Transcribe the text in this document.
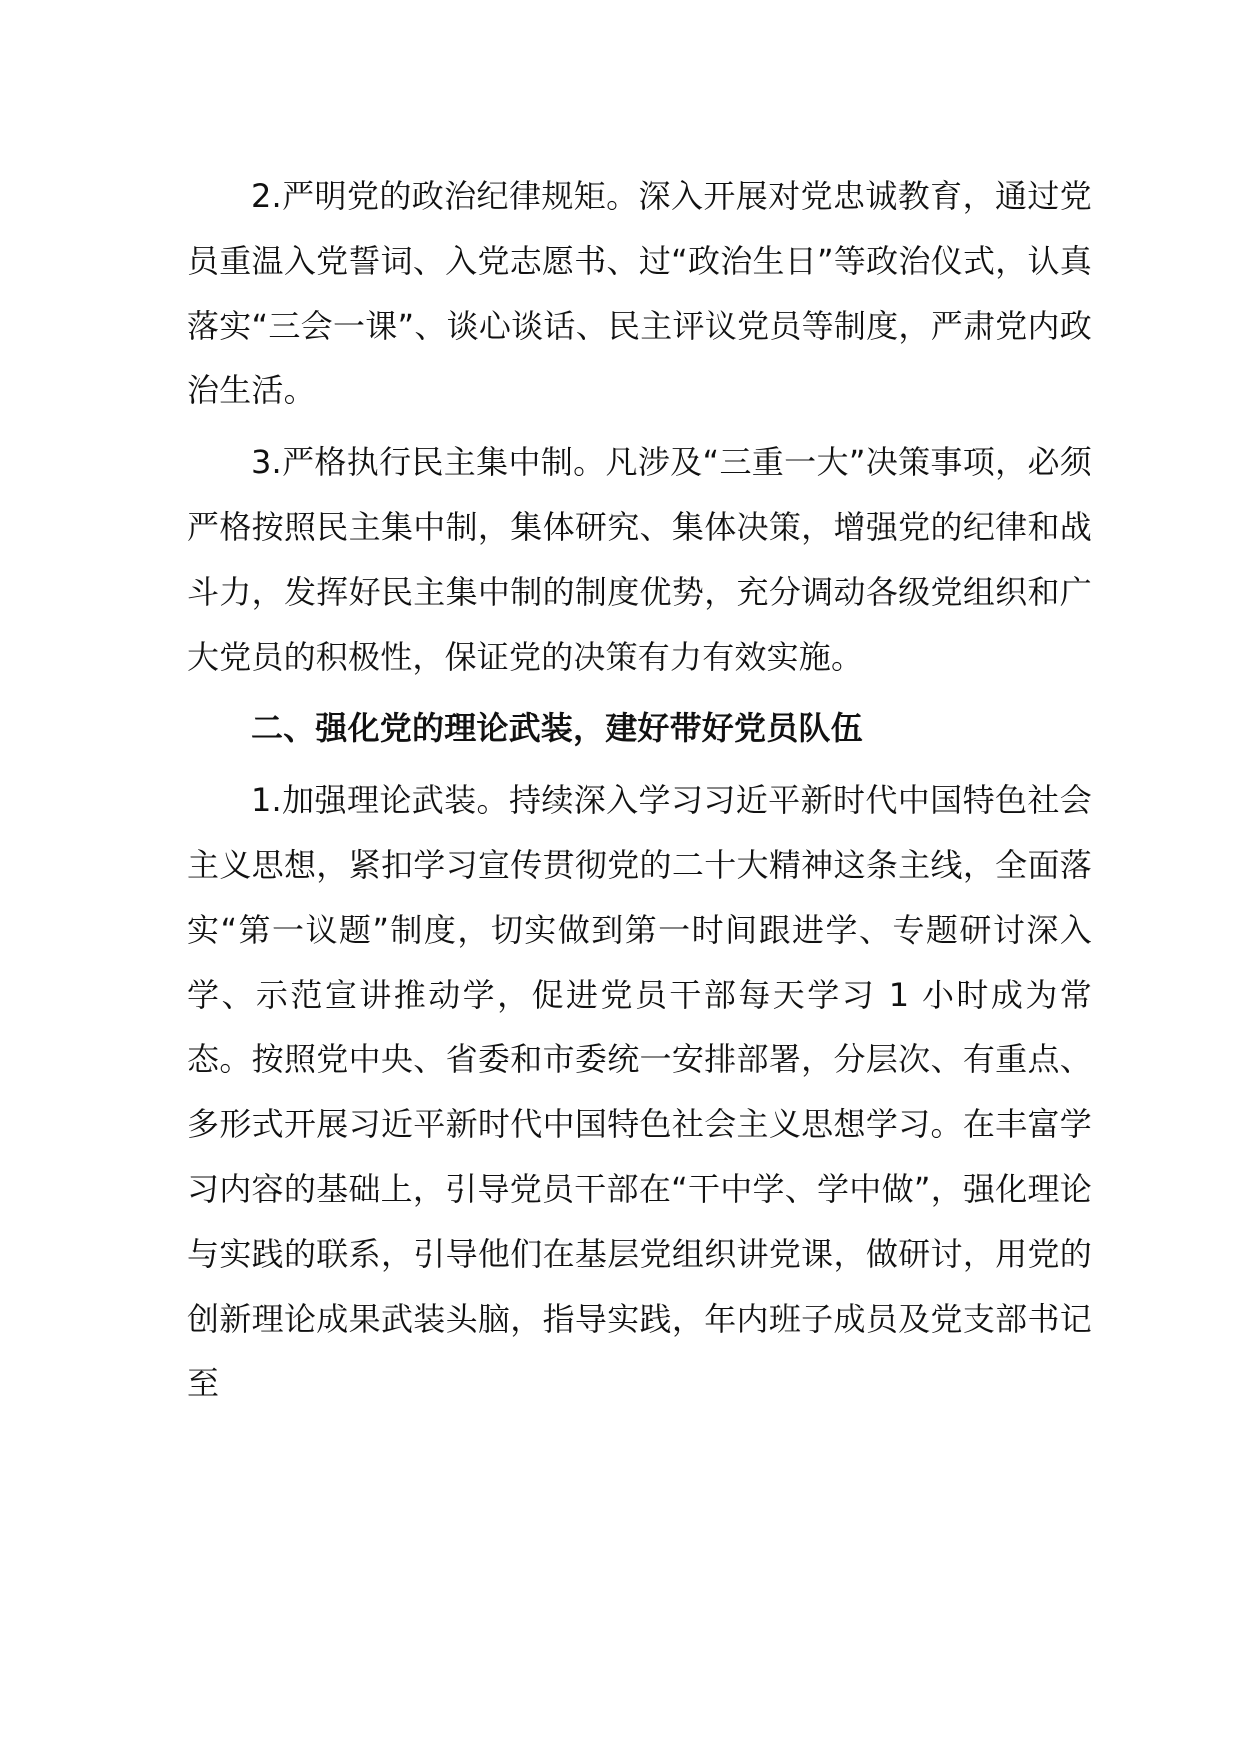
2.严明党的政治纪律规矩。深入开展对党忠诚教育，通过党员重温入党誓词、入党志愿书、过“政治生日”等政治仪式，认真落实“三会一课”、谈心谈话、民主评议党员等制度，严肃党内政治生活。

3.严格执行民主集中制。凡涉及“三重一大”决策事项，必须严格按照民主集中制，集体研究、集体决策，增强党的纪律和战斗力，发挥好民主集中制的制度优势，充分调动各级党组织和广大党员的积极性，保证党的决策有力有效实施。

二、强化党的理论武装，建好带好党员队伍

1.加强理论武装。持续深入学习习近平新时代中国特色社会主义思想，紧扣学习宣传贯彻党的二十大精神这条主线，全面落实“第一议题”制度，切实做到第一时间跟进学、专题研讨深入学、示范宣讲推动学，促进党员干部每天学习 1 小时成为常态。按照党中央、省委和市委统一安排部署，分层次、有重点、多形式开展习近平新时代中国特色社会主义思想学习。在丰富学习内容的基础上，引导党员干部在“干中学、学中做”，强化理论与实践的联系，引导他们在基层党组织讲党课，做研讨，用党的创新理论成果武装头脑，指导实践，年内班子成员及党支部书记至
